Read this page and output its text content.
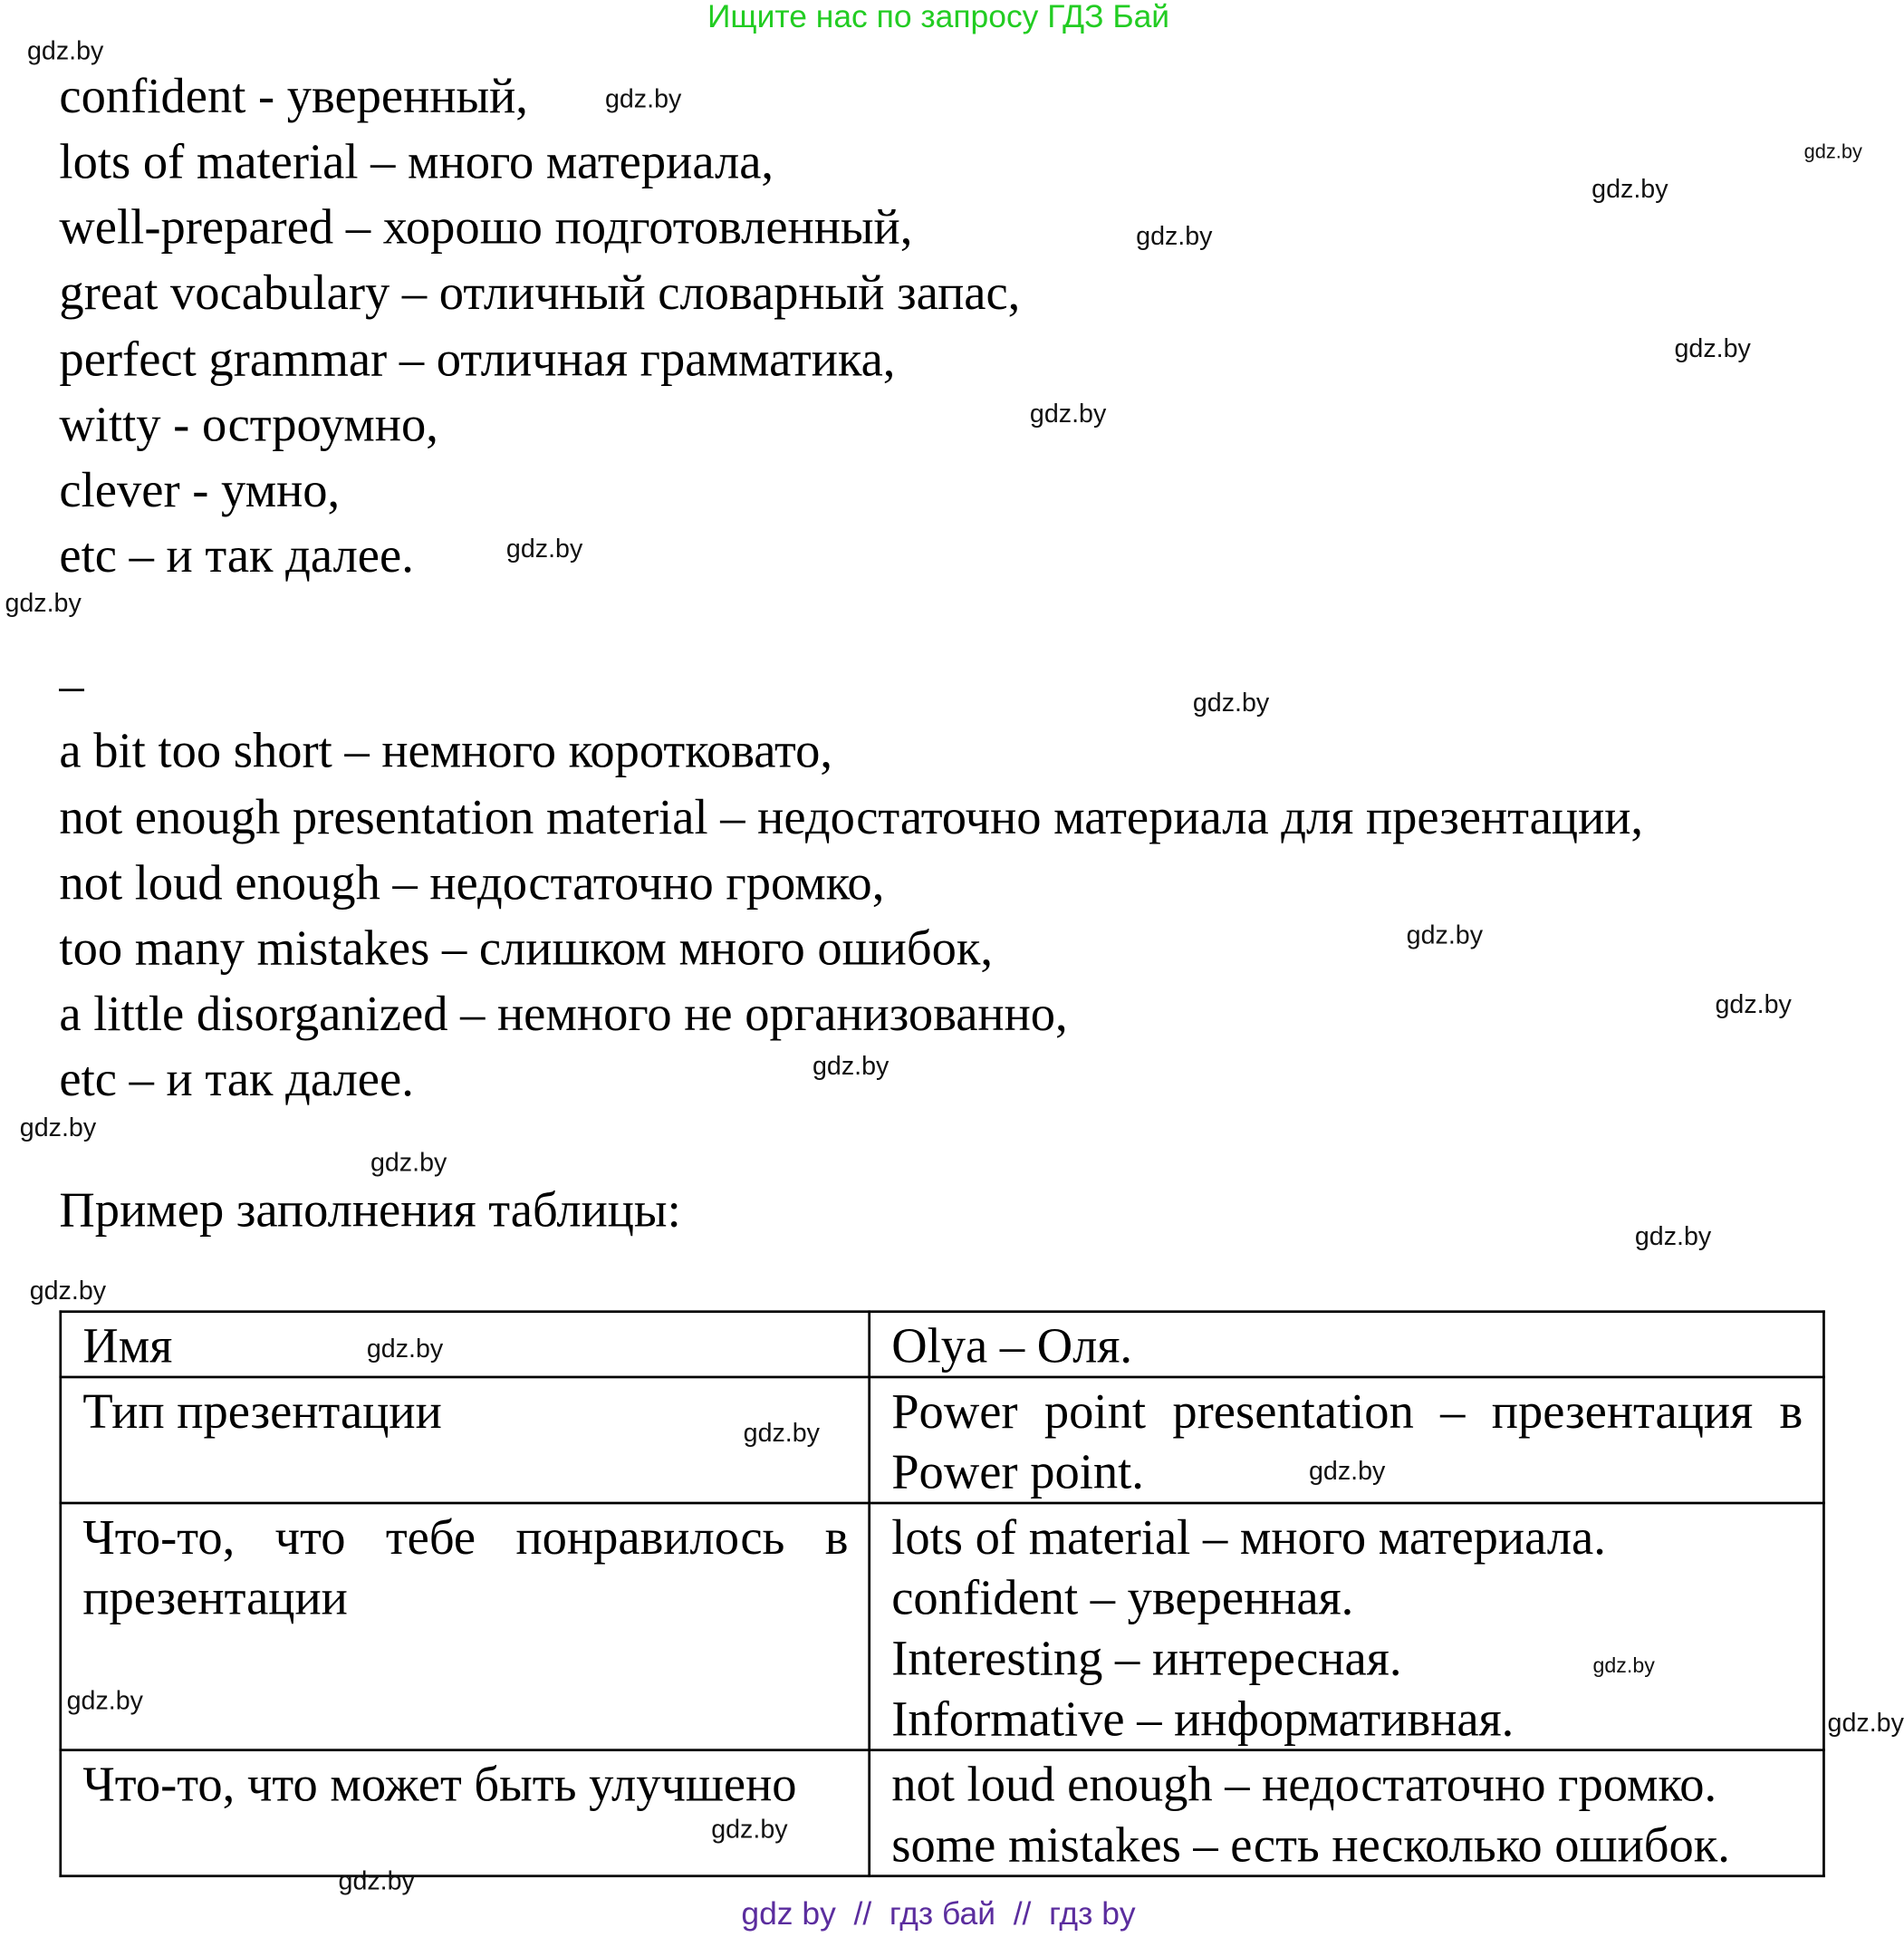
Ищите нас по запросу ГДЗ Бай
confident - уверенный,
lots of material – много материала,
well-prepared – хорошо подготовленный,
great vocabulary – отличный словарный запас,
perfect grammar – отличная грамматика,
witty - остроумно,
clever - умно,
etc – и так далее.
–
a bit too short – немного коротковато,
not enough presentation material – недостаточно материала для презентации,
not loud enough – недостаточно громко,
too many mistakes – слишком много ошибок,
a little disorganized – немного не организованно,
etc – и так далее.
Пример заполнения таблицы:
Имя	Olya – Оля.

Тип презентации	Power point presentation – презентация в Power point.

Что-то, что тебе понравилось в презентации	lots of material – много материала.
confident – уверенная.
Interesting – интересная.
Informative – информативная.

Что-то, что может быть улучшено	not loud enough – недостаточно громко.
some mistakes – есть несколько ошибок.
gdz.by
gdz.by
gdz.by
gdz.by
gdz.by
gdz.by
gdz.by
gdz.by
gdz.by
gdz.by
gdz.by
gdz.by
gdz.by
gdz.by
gdz.by
gdz.by
gdz.by
gdz.by
gdz.by
gdz.by
gdz.by
gdz.by
gdz.by
gdz.by
gdz.by
gdz by  //  гдз бай  //  гдз by
